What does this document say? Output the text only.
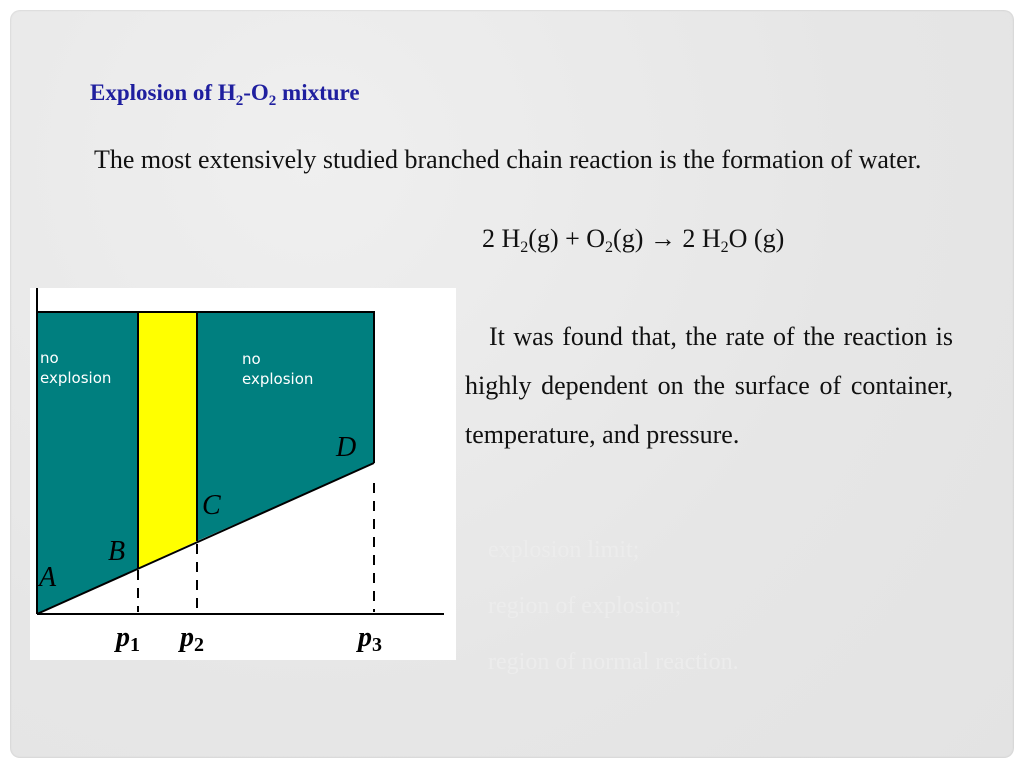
Explosion of $H_2-O_2$ mixture
The most extensively studied branched chain reaction is the formation of water.
2 $H_2(g) + O_2(g) \to 2$ $H_2O$ (g)
It was found that, the rate of the reaction is highly dependent on the surface of container, temperature, and pressure.
explosion limit;
region of explosion;
region of normal reaction.
no
explosion
no
explosion
A
B
C
D
p1 p2	p3
